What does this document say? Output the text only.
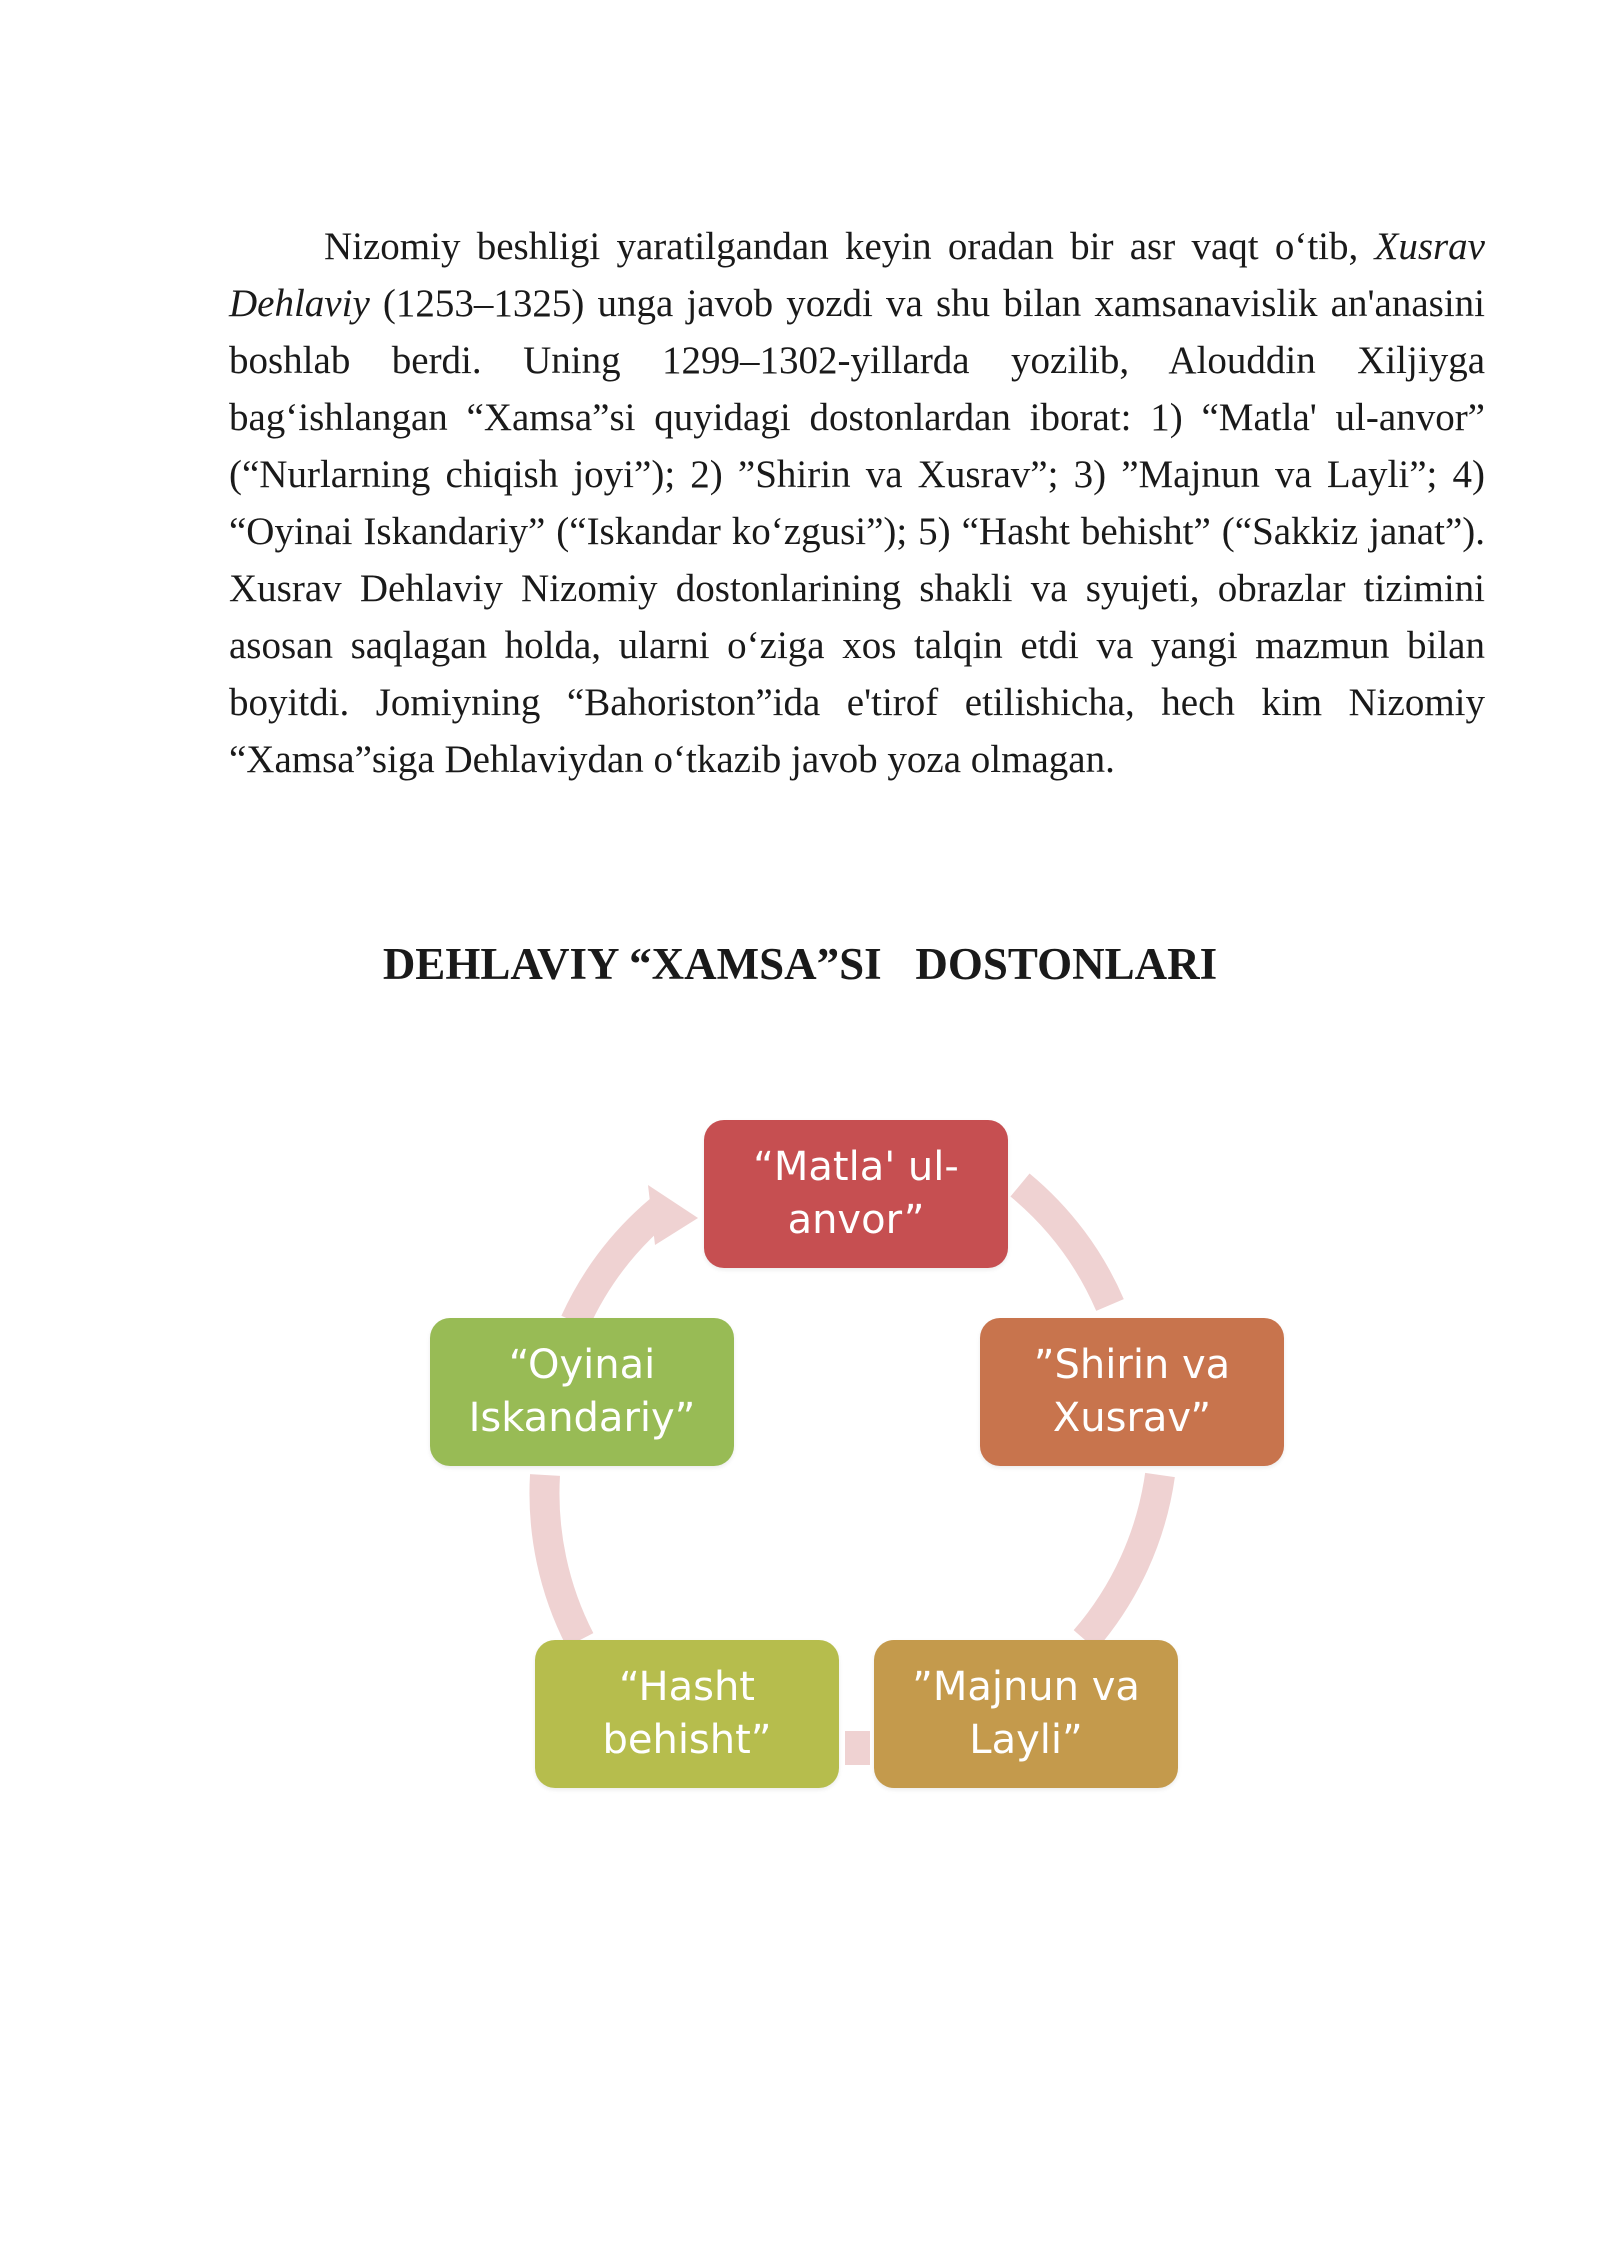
Nizomiy beshligi yaratilgandan keyin oradan bir asr vaqt o‘tib, Xusrav Dehlaviy (1253–1325) unga javob yozdi va shu bilan xamsanavislik an'anasini boshlab berdi. Uning 1299–1302-yillarda yozilib, Alouddin Xiljiyga bag‘ishlangan “Xamsa”si quyidagi dostonlardan iborat: 1) “Matla' ul-anvor” (“Nurlarning chiqish joyi”); 2) ”Shirin va Xusrav”; 3) ”Majnun va Layli”; 4) “Oyinai Iskandariy” (“Iskandar ko‘zgusi”); 5) “Hasht behisht” (“Sakkiz janat”). Xusrav Dehlaviy Nizomiy dostonlarining shakli va syujeti, obrazlar tizimini asosan saqlagan holda, ularni o‘ziga xos talqin etdi va yangi mazmun bilan boyitdi. Jomiyning “Bahoriston”ida e'tirof etilishicha, hech kim Nizomiy “Xamsa”siga Dehlaviydan o‘tkazib javob yoza olmagan.

DEHLAVIY “XAMSA”SI   DOSTONLARI
“Matla' ul-
anvor”
”Shirin va
Xusrav”
”Majnun va
Layli”
“Hasht
behisht”
“Oyinai
Iskandariy”
